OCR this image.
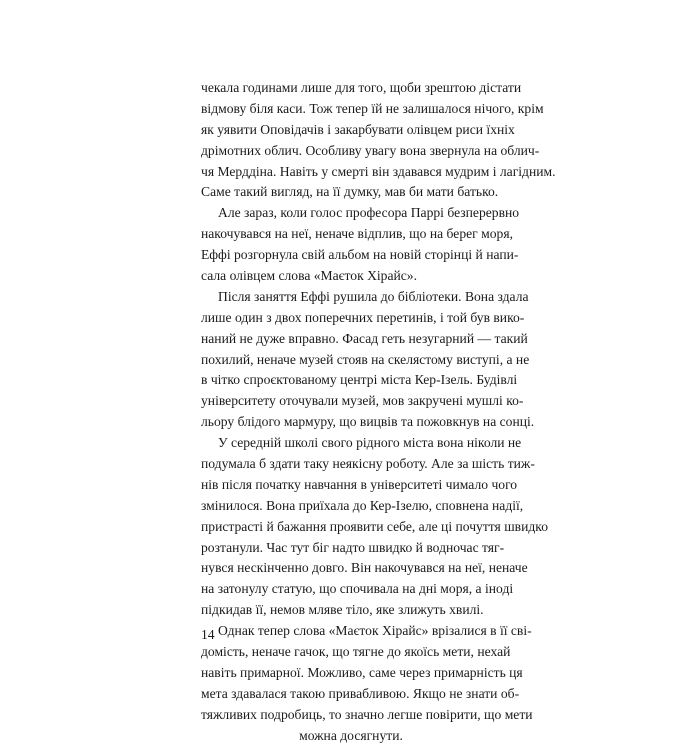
чекала годинами лише для того, щоби зрештою дістати
відмову біля каси. Тож тепер їй не залишалося нічого, крім
як уявити Оповідачів і закарбувати олівцем риси їхніх
дрімотних облич. Особливу увагу вона звернула на облич-
чя Мерддіна. Навіть у смерті він здавався мудрим і лагідним.
Саме такий вигляд, на її думку, мав би мати батько.
Але зараз, коли голос професора Паррі безперервно
накочувався на неї, неначе відплив, що на берег моря,
Еффі розгорнула свій альбом на новій сторінці й напи-
сала олівцем слова «Маєток Хірайс».
Після заняття Еффі рушила до бібліотеки. Вона здала
лише один з двох поперечних перетинів, і той був вико-
наний не дуже вправно. Фасад геть незугарний — такий
похилий, неначе музей стояв на скелястому виступі, а не
в чітко спроєктованому центрі міста Кер-Ізель. Будівлі
університету оточували музей, мов закручені мушлі ко-
льору блідого мармуру, що вицвів та пожовкнув на сонці.
У середній школі свого рідного міста вона ніколи не
подумала б здати таку неякісну роботу. Але за шість тиж-
нів після початку навчання в університеті чимало чого
змінилося. Вона приїхала до Кер-Ізелю, сповнена надії,
пристрасті й бажання проявити себе, але ці почуття швидко
розтанули. Час тут біг надто швидко й водночас тяг-
нувся нескінченно довго. Він накочувався на неї, неначе
на затонулу статую, що спочивала на дні моря, а іноді
підкидав її, немов мляве тіло, яке злижуть хвилі.
Однак тепер слова «Маєток Хірайс» врізалися в її сві-
домість, неначе гачок, що тягне до якоїсь мети, нехай
навіть примарної. Можливо, саме через примарність ця
мета здавалася такою привабливою. Якщо не знати об-
тяжливих подробиць, то значно легше повірити, що мети
можна досягнути.
14
